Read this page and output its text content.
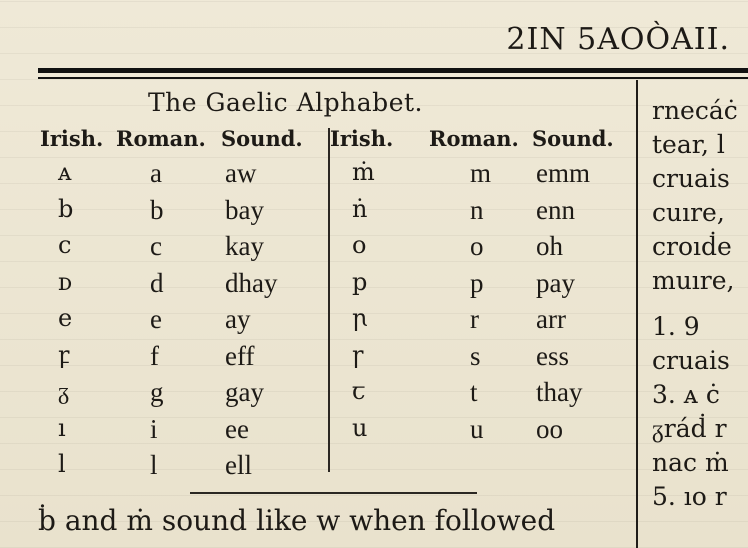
2ΙΝ 5ΑΟÒΑΙΙ.
The Gaelic Alphabet.
Irish. Roman. Sound. Irish. Roman. Sound.
ᴀ	a aw
b	b bay
c	c kay
ᴅ	d dhay
e	e ay
ꝼ	f eff
ᵹ	g gay
ı	i ee
l	l ell
ṁ	m emm
ṅ	n enn
o	o oh
p	p pay
ꞃ	r arr
ꞅ	s ess
ꞇ	t thay
u	u oo
ḃ and ṁ sound like w when followed
rnecáċ
tear, l
cruais
cuıre,
croıḋe
muıre,
1. 9
cruais
3. ᴀ ċ
ᵹráḋ r
nac ṁ
5. ıo r
